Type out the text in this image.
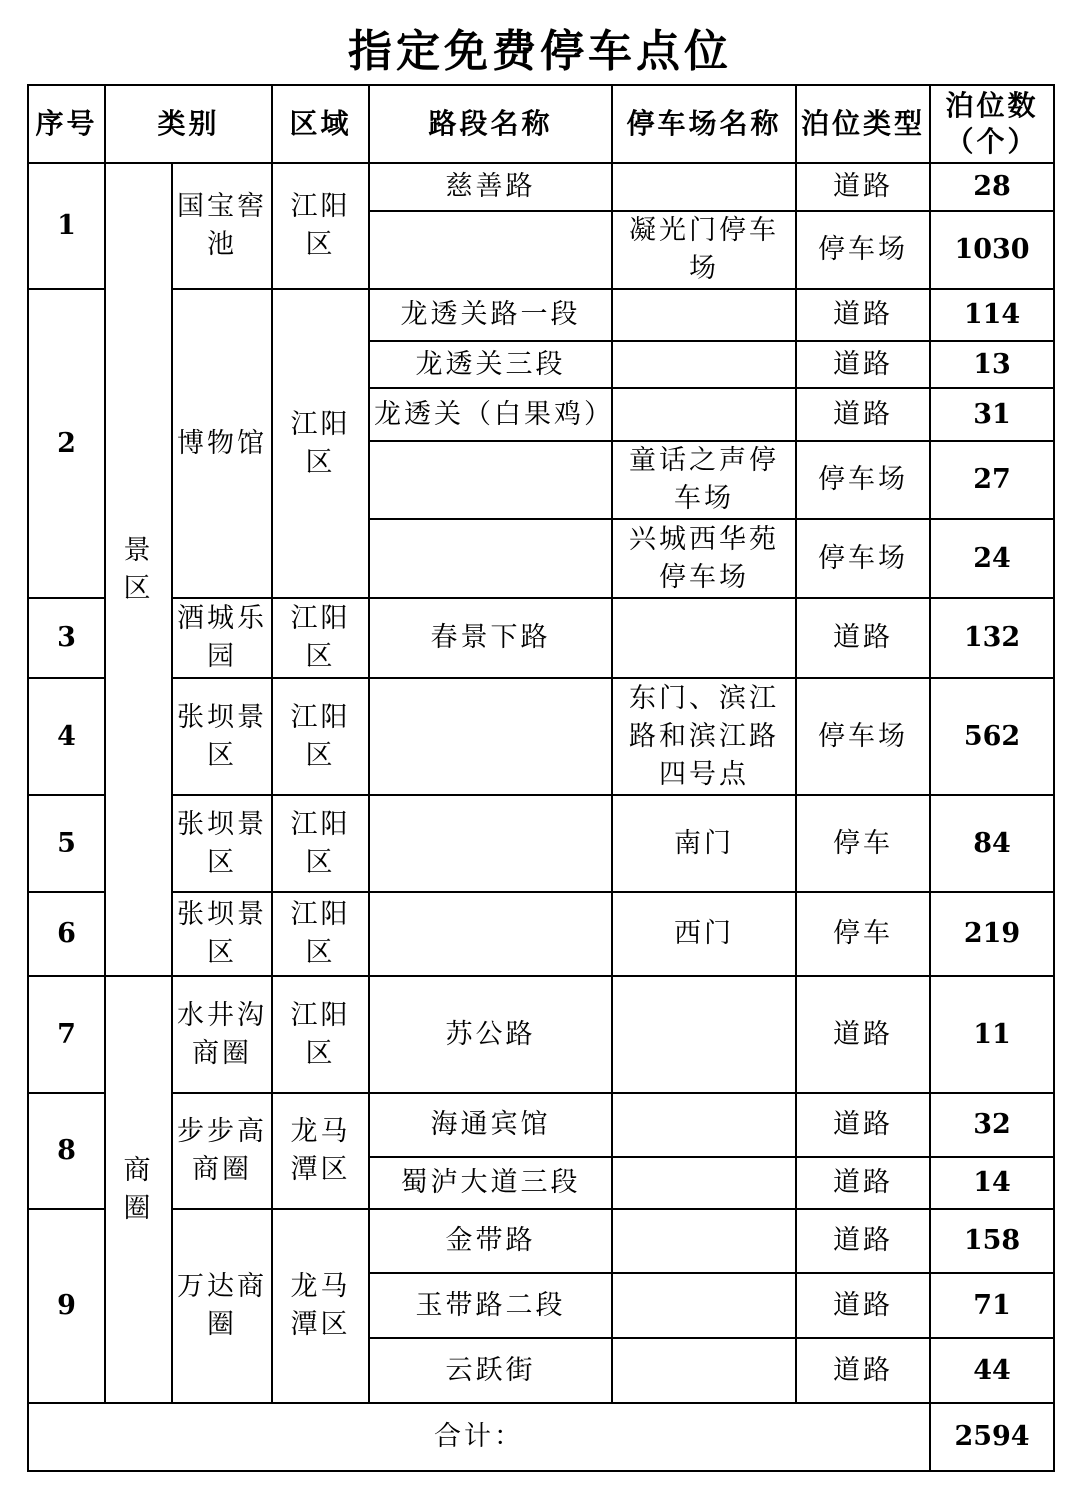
指定免费停车点位
序号	类别		区域	路段名称	停车场名称	泊位类型	泊位数（个）
1	景区	国宝窖池	江阳区	慈善路		道路	28
					凝光门停车场	停车场	1030
2		博物馆	江阳区	龙透关路一段		道路	114
				龙透关三段		道路	13
				龙透关（白果鸡）		道路	31
					童话之声停车场	停车场	27
					兴城西华苑停车场	停车场	24
3		酒城乐园	江阳区	春景下路		道路	132
4		张坝景区	江阳区		东门、滨江路和滨江路四号点	停车场	562
5		张坝景区	江阳区		南门	停车	84
6		张坝景区	江阳区		西门	停车	219
7	商圈	水井沟商圈	江阳区	苏公路		道路	11
8		步步高商圈	龙马潭区	海通宾馆		道路	32
				蜀泸大道三段		道路	14
9		万达商圈	龙马潭区	金带路		道路	158
				玉带路二段		道路	71
				云跃街		道路	44
合计：							2594
